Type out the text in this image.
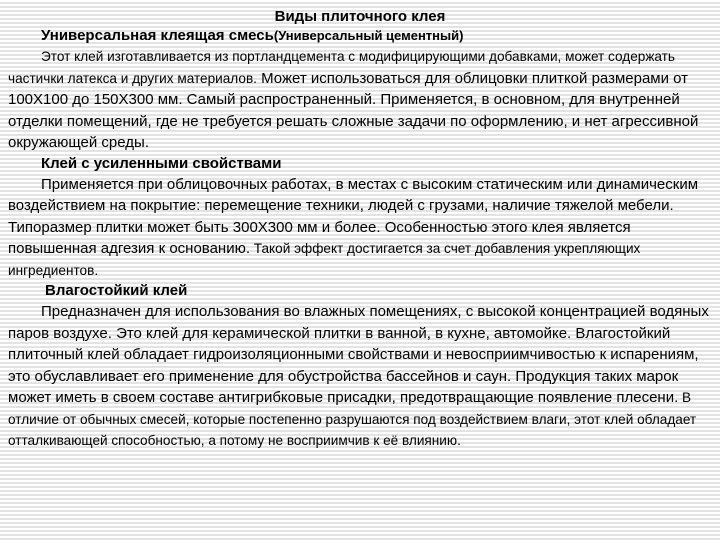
Виды плиточного клея

Универсальная клеящая смесь(Универсальный цементный)

Этот клей изготавливается из портландцемента с модифицирующими добавками, может содержать частички латекса и других материалов. Может использоваться для облицовки плиткой размерами от 100Х100 до 150Х300 мм. Самый распространенный. Применяется, в основном, для внутренней отделки помещений, где не требуется решать сложные задачи по оформлению, и нет агрессивной окружающей среды.

Клей с усиленными свойствами

Применяется при облицовочных работах, в местах с высоким статическим или динамическим воздействием на покрытие: перемещение техники, людей с грузами, наличие тяжелой мебели. Типоразмер плитки может быть 300Х300 мм и более. Особенностью этого клея является повышенная адгезия к основанию. Такой эффект достигается за счет добавления укрепляющих ингредиентов.

Влагостойкий клей

Предназначен для использования во влажных помещениях, с высокой концентрацией водяных паров воздухе. Это клей для керамической плитки в ванной, в кухне, автомойке. Влагостойкий плиточный клей обладает гидроизоляционными свойствами и невосприимчивостью к испарениям, это обуславливает его применение для обустройства бассейнов и саун. Продукция таких марок может иметь в своем составе антигрибковые присадки, предотвращающие появление плесени. В отличие от обычных смесей, которые постепенно разрушаются под воздействием влаги, этот клей обладает отталкивающей способностью, а потому не восприимчив к её влиянию.
